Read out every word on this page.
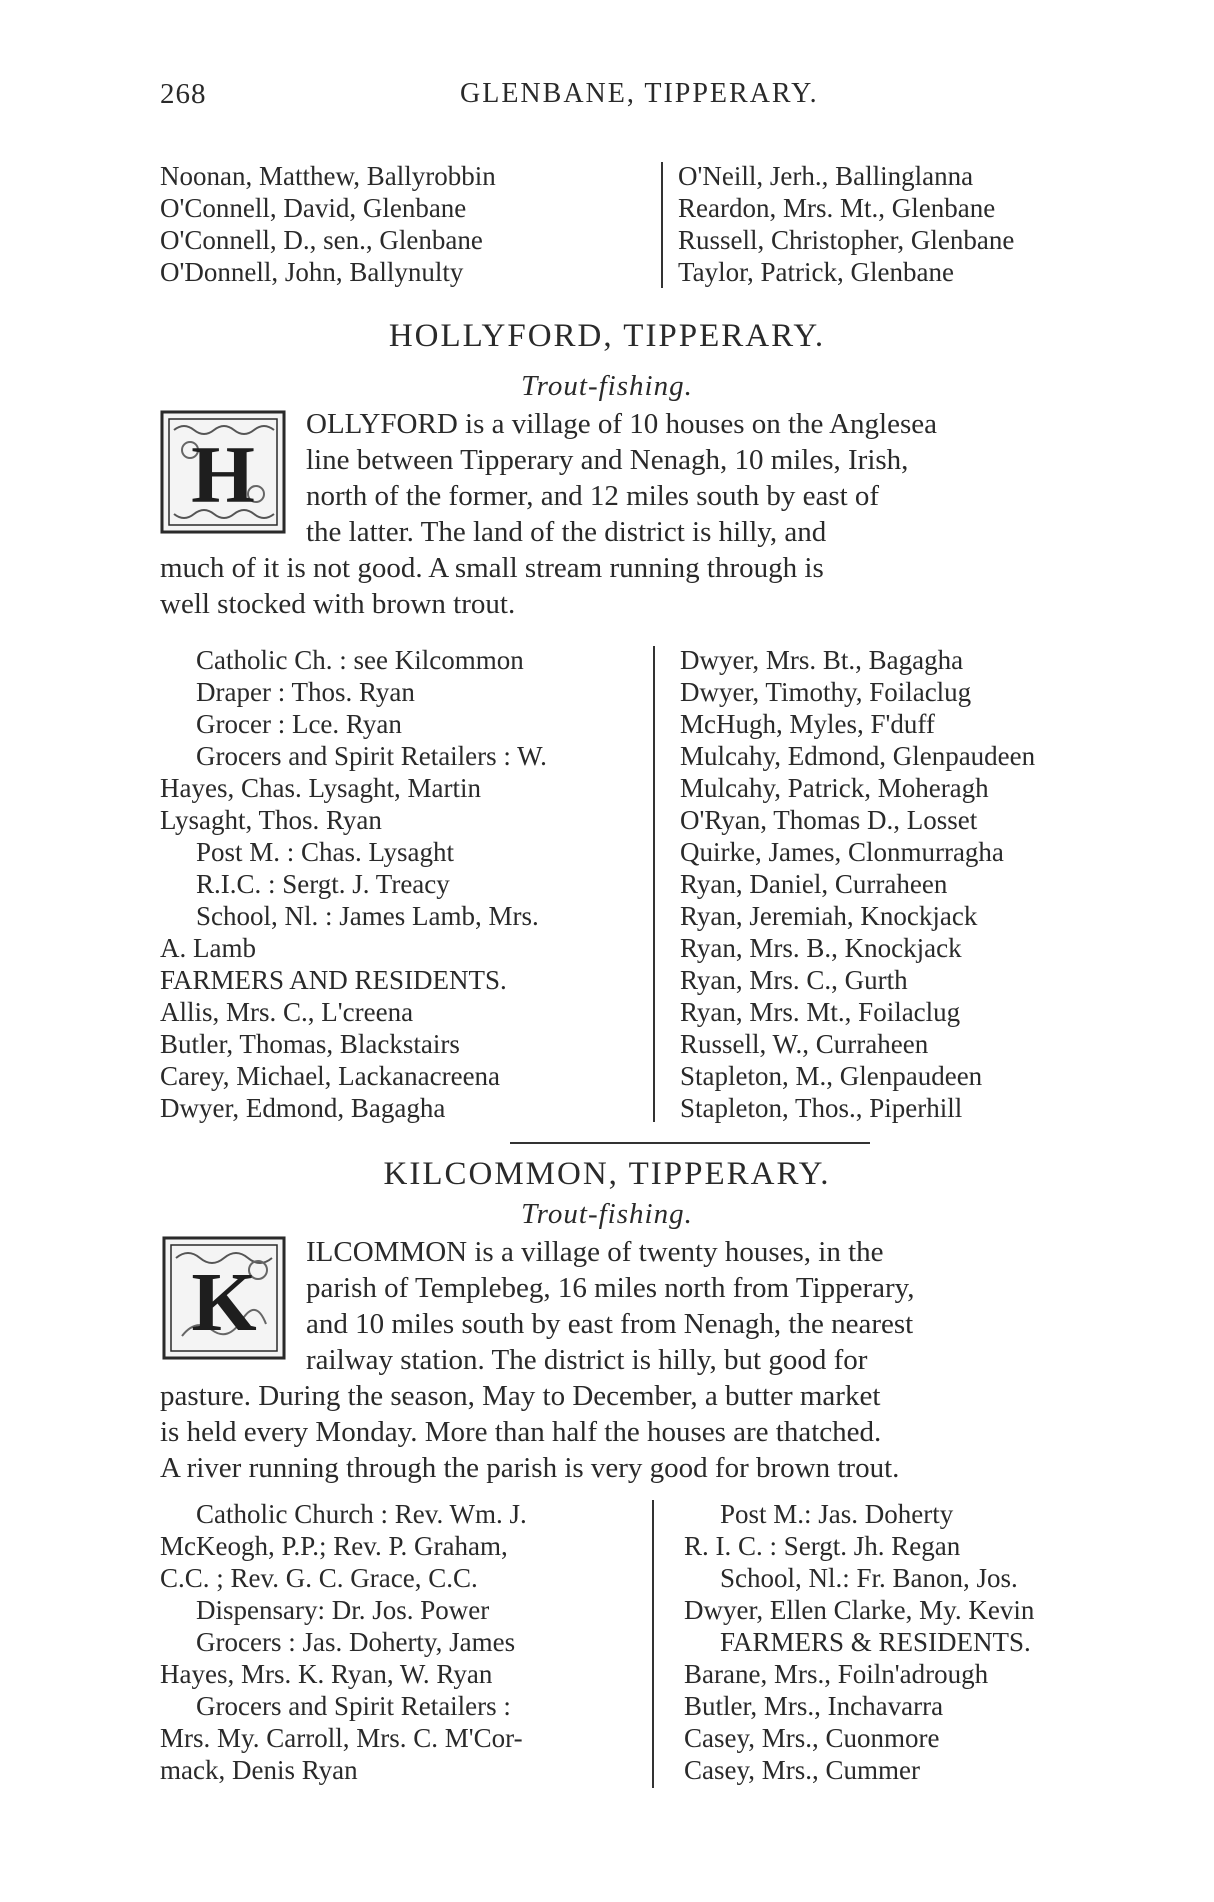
268	GLENBANE, TIPPERARY.
Noonan, Matthew, Ballyrobbin
O'Connell, David, Glenbane
O'Connell, D., sen., Glenbane
O'Donnell, John, Ballynulty
O'Neill, Jerh., Ballinglanna
Reardon, Mrs. Mt., Glenbane
Russell, Christopher, Glenbane
Taylor, Patrick, Glenbane
HOLLYFORD, TIPPERARY.
Trout-fishing.
H
OLLYFORD is a village of 10 houses on the Anglesea
line between Tipperary and Nenagh, 10 miles, Irish,
north of the former, and 12 miles south by east of
the latter. The land of the district is hilly, and
much of it is not good. A small stream running through is
well stocked with brown trout.
Catholic Ch. : see Kilcommon
Draper : Thos. Ryan
Grocer : Lce. Ryan
Grocers and Spirit Retailers : W.
Hayes, Chas. Lysaght, Martin
Lysaght, Thos. Ryan
Post M. : Chas. Lysaght
R.I.C. : Sergt. J. Treacy
School, Nl. : James Lamb, Mrs.
A. Lamb
FARMERS AND RESIDENTS.
Allis, Mrs. C., L'creena
Butler, Thomas, Blackstairs
Carey, Michael, Lackanacreena
Dwyer, Edmond, Bagagha
Dwyer, Mrs. Bt., Bagagha
Dwyer, Timothy, Foilaclug
McHugh, Myles, F'duff
Mulcahy, Edmond, Glenpaudeen
Mulcahy, Patrick, Moheragh
O'Ryan, Thomas D., Losset
Quirke, James, Clonmurragha
Ryan, Daniel, Curraheen
Ryan, Jeremiah, Knockjack
Ryan, Mrs. B., Knockjack
Ryan, Mrs. C., Gurth
Ryan, Mrs. Mt., Foilaclug
Russell, W., Curraheen
Stapleton, M., Glenpaudeen
Stapleton, Thos., Piperhill
KILCOMMON, TIPPERARY.
Trout-fishing.
K
ILCOMMON is a village of twenty houses, in the
parish of Templebeg, 16 miles north from Tipperary,
and 10 miles south by east from Nenagh, the nearest
railway station. The district is hilly, but good for
pasture. During the season, May to December, a butter market
is held every Monday. More than half the houses are thatched.
A river running through the parish is very good for brown trout.
Catholic Church : Rev. Wm. J.
McKeogh, P.P.; Rev. P. Graham,
C.C. ; Rev. G. C. Grace, C.C.
Dispensary: Dr. Jos. Power
Grocers : Jas. Doherty, James
Hayes, Mrs. K. Ryan, W. Ryan
Grocers and Spirit Retailers :
Mrs. My. Carroll, Mrs. C. M'Cor-
mack, Denis Ryan
Post M.: Jas. Doherty
R. I. C. : Sergt. Jh. Regan
School, Nl.: Fr. Banon, Jos.
Dwyer, Ellen Clarke, My. Kevin
FARMERS & RESIDENTS.
Barane, Mrs., Foiln'adrough
Butler, Mrs., Inchavarra
Casey, Mrs., Cuonmore
Casey, Mrs., Cummer
